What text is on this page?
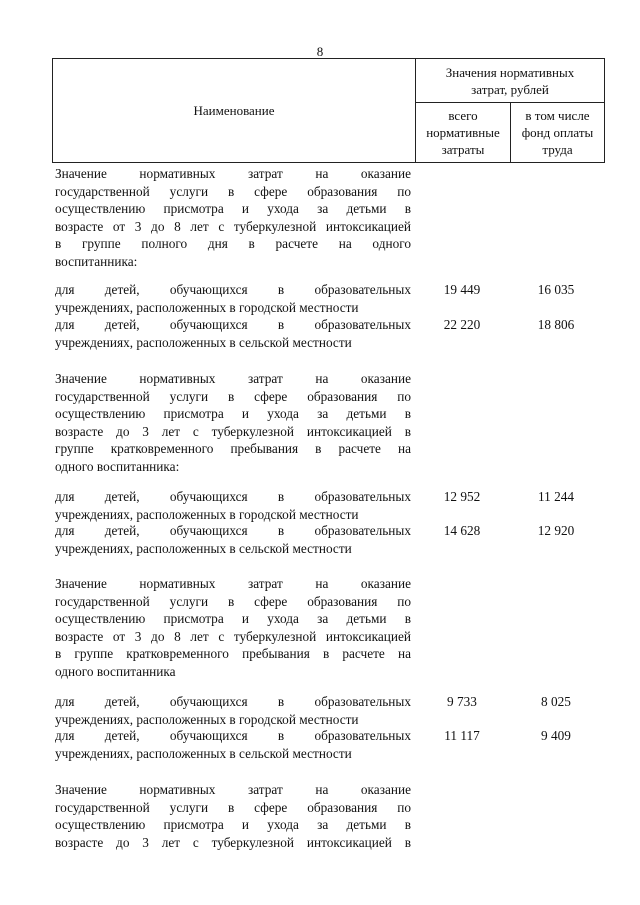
8
Наименование	Значения нормативных затрат, рублей	
	всего нормативные затраты	в том числе фонд оплаты труда
Значение нормативных затрат на оказание
государственной услуги в сфере образования по
осуществлению присмотра и ухода за детьми в
возрасте от 3 до 8 лет с туберкулезной интоксикацией
в группе полного дня в расчете на одного
воспитанника:
для детей, обучающихся в образовательных
учреждениях, расположенных в городской местности
19 449	16 035
для детей, обучающихся в образовательных
учреждениях, расположенных в сельской местности
22 220	18 806
Значение нормативных затрат на оказание
государственной услуги в сфере образования по
осуществлению присмотра и ухода за детьми в
возрасте до 3 лет с туберкулезной интоксикацией в
группе кратковременного пребывания в расчете на
одного воспитанника:
для детей, обучающихся в образовательных
учреждениях, расположенных в городской местности
12 952	11 244
для детей, обучающихся в образовательных
учреждениях, расположенных в сельской местности
14 628	12 920
Значение нормативных затрат на оказание
государственной услуги в сфере образования по
осуществлению присмотра и ухода за детьми в
возрасте от 3 до 8 лет с туберкулезной интоксикацией
в группе кратковременного пребывания в расчете на
одного воспитанника
для детей, обучающихся в образовательных
учреждениях, расположенных в городской местности
9 733	8 025
для детей, обучающихся в образовательных
учреждениях, расположенных в сельской местности
11 117	9 409
Значение нормативных затрат на оказание
государственной услуги в сфере образования по
осуществлению присмотра и ухода за детьми в
возрасте до 3 лет с туберкулезной интоксикацией в
